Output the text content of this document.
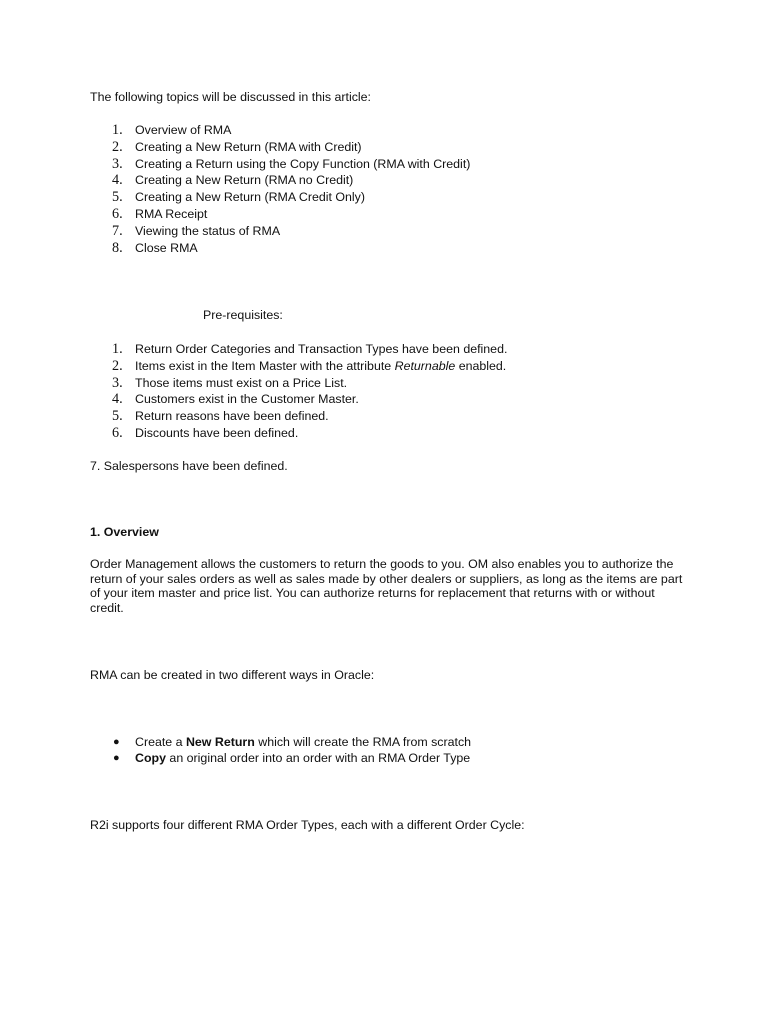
The following topics will be discussed in this article:

1. Overview of RMA
2. Creating a New Return (RMA with Credit)
3. Creating a Return using the Copy Function (RMA with Credit)
4. Creating a New Return (RMA no Credit)
5. Creating a New Return (RMA Credit Only)
6. RMA Receipt
7. Viewing the status of RMA
8. Close RMA

Pre-requisites:

1. Return Order Categories and Transaction Types have been defined.
2. Items exist in the Item Master with the attribute Returnable enabled.
3. Those items must exist on a Price List.
4. Customers exist in the Customer Master.
5. Return reasons have been defined.
6. Discounts have been defined.

7. Salespersons have been defined.

1. Overview

Order Management allows the customers to return the goods to you. OM also enables you to authorize the return of your sales orders as well as sales made by other dealers or suppliers, as long as the items are part of your item master and price list. You can authorize returns for replacement that returns with or without credit.

RMA can be created in two different ways in Oracle:

● Create a New Return which will create the RMA from scratch
● Copy an original order into an order with an RMA Order Type

R2i supports four different RMA Order Types, each with a different Order Cycle:
